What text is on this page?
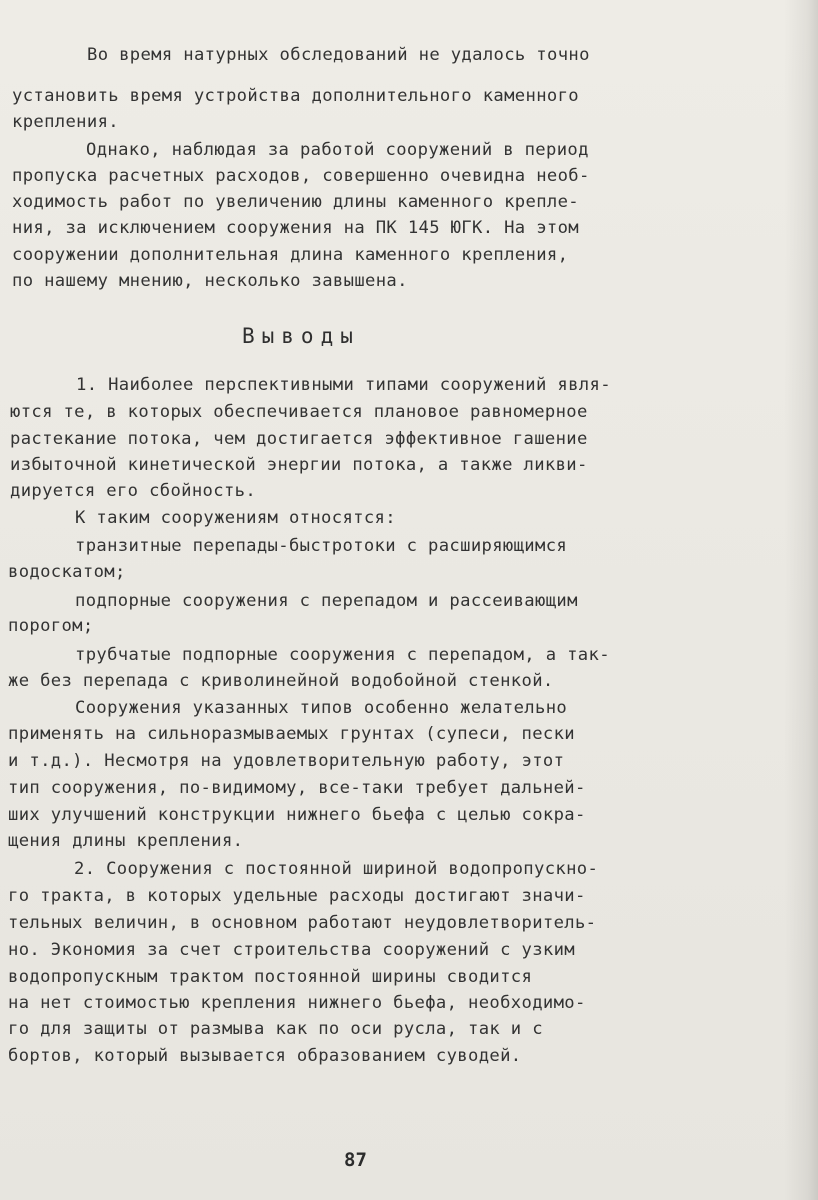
Во время натурных обследований не удалось точно

установить время устройства дополнительного каменного

крепления.

Однако, наблюдая за работой сооружений в период

пропуска расчетных расходов, совершенно очевидна необ-

ходимость работ по увеличению длины каменного крепле-

ния, за исключением сооружения на ПК 145 ЮГК. На этом

сооружении дополнительная длина каменного крепления,

по нашему мнению, несколько завышена.

Выводы

1. Наиболее перспективными типами сооружений явля-

ются те, в которых обеспечивается плановое равномерное

растекание потока, чем достигается эффективное гашение

избыточной кинетической энергии потока, а также ликви-

дируется его сбойность.

К таким сооружениям относятся:

транзитные перепады-быстротоки с расширяющимся

водоскатом;

подпорные сооружения с перепадом и рассеивающим

порогом;

трубчатые подпорные сооружения с перепадом, а так-

же без перепада с криволинейной водобойной стенкой.

Сооружения указанных типов особенно желательно

применять на сильноразмываемых грунтах (супеси, пески

и т.д.). Несмотря на удовлетворительную работу, этот

тип сооружения, по-видимому, все-таки требует дальней-

ших улучшений конструкции нижнего бьефа с целью сокра-

щения длины крепления.

2. Сооружения с постоянной шириной водопропускно-

го тракта, в которых удельные расходы достигают значи-

тельных величин, в основном работают неудовлетворитель-

но. Экономия за счет строительства сооружений с узким

водопропускным трактом постоянной ширины сводится

на нет стоимостью крепления нижнего бьефа, необходимо-

го для защиты от размыва как по оси русла, так и с

бортов, который вызывается образованием суводей.

87
